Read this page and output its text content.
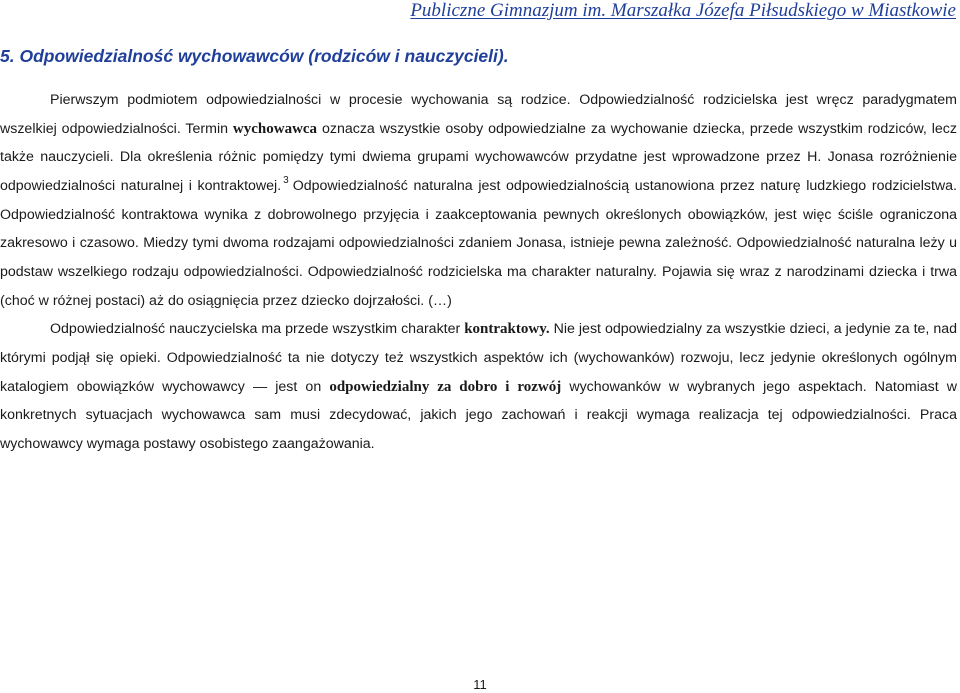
Publiczne Gimnazjum im. Marszałka Józefa Piłsudskiego w Miastkowie
5. Odpowiedzialność wychowawców (rodziców i nauczycieli).

Pierwszym podmiotem odpowiedzialności w procesie wychowania są rodzice. Odpowiedzialność rodzicielska jest wręcz paradygmatem wszelkiej odpowiedzialności. Termin wychowawca oznacza wszystkie osoby odpowiedzialne za wychowanie dziecka, przede wszystkim rodziców, lecz także nauczycieli. Dla określenia różnic pomiędzy tymi dwiema grupami wychowawców przydatne jest wprowadzone przez H. Jonasa rozróżnienie odpowiedzialności naturalnej i kontraktowej. $^3$ Odpowiedzialność naturalna jest odpowiedzialnością ustanowiona przez naturę ludzkiego rodzicielstwa. Odpowiedzialność kontraktowa wynika z dobrowolnego przyjęcia i zaakceptowania pewnych określonych obowiązków, jest więc ściśle ograniczona zakresowo i czasowo. Miedzy tymi dwoma rodzajami odpowiedzialności zdaniem Jonasa, istnieje pewna zależność. Odpowiedzialność naturalna leży u podstaw wszelkiego rodzaju odpowiedzialności. Odpowiedzialność rodzicielska ma charakter naturalny. Pojawia się wraz z narodzinami dziecka i trwa (choć w różnej postaci) aż do osiągnięcia przez dziecko dojrzałości. (…)

Odpowiedzialność nauczycielska ma przede wszystkim charakter kontraktowy. Nie jest odpowiedzialny za wszystkie dzieci, a jedynie za te, nad którymi podjął się opieki. Odpowiedzialność ta nie dotyczy też wszystkich aspektów ich (wychowanków) rozwoju, lecz jedynie określonych ogólnym katalogiem obowiązków wychowawcy — jest on odpowiedzialny za dobro i rozwój wychowanków w wybranych jego aspektach. Natomiast w konkretnych sytuacjach wychowawca sam musi zdecydować, jakich jego zachowań i reakcji wymaga realizacja tej odpowiedzialności. Praca wychowawcy wymaga postawy osobistego zaangażowania.

11
